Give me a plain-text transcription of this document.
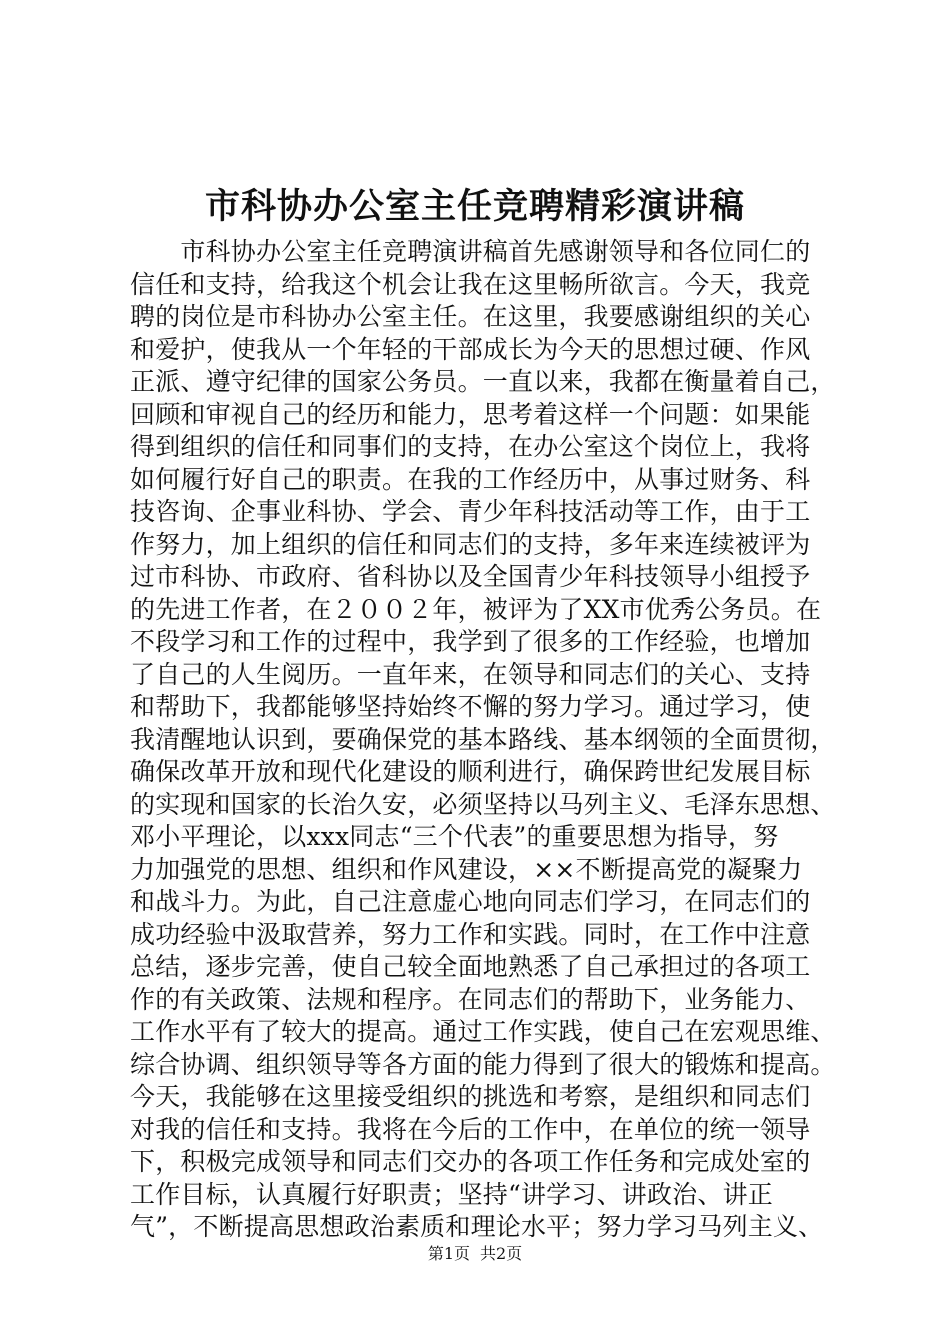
市科协办公室主任竞聘精彩演讲稿
　　市科协办公室主任竞聘演讲稿首先感谢领导和各位同仁的
信任和支持，给我这个机会让我在这里畅所欲言。今天，我竞
聘的岗位是市科协办公室主任。在这里，我要感谢组织的关心
和爱护，使我从一个年轻的干部成长为今天的思想过硬、作风
正派、遵守纪律的国家公务员。一直以来，我都在衡量着自己，
回顾和审视自己的经历和能力，思考着这样一个问题：如果能
得到组织的信任和同事们的支持，在办公室这个岗位上，我将
如何履行好自己的职责。在我的工作经历中，从事过财务、科
技咨询、企事业科协、学会、青少年科技活动等工作，由于工
作努力，加上组织的信任和同志们的支持，多年来连续被评为
过市科协、市政府、省科协以及全国青少年科技领导小组授予
的先进工作者，在２００２年，被评为了XX市优秀公务员。在
不段学习和工作的过程中，我学到了很多的工作经验，也增加
了自己的人生阅历。一直年来，在领导和同志们的关心、支持
和帮助下，我都能够坚持始终不懈的努力学习。通过学习，使
我清醒地认识到，要确保党的基本路线、基本纲领的全面贯彻，
确保改革开放和现代化建设的顺利进行，确保跨世纪发展目标
的实现和国家的长治久安，必须坚持以马列主义、毛泽东思想、
邓小平理论，以xxx同志“三个代表”的重要思想为指导，努
力加强党的思想、组织和作风建设，××不断提高党的凝聚力
和战斗力。为此，自己注意虚心地向同志们学习，在同志们的
成功经验中汲取营养，努力工作和实践。同时，在工作中注意
总结，逐步完善，使自己较全面地熟悉了自己承担过的各项工
作的有关政策、法规和程序。在同志们的帮助下，业务能力、
工作水平有了较大的提高。通过工作实践，使自己在宏观思维、
综合协调、组织领导等各方面的能力得到了很大的锻炼和提高。
今天，我能够在这里接受组织的挑选和考察，是组织和同志们
对我的信任和支持。我将在今后的工作中，在单位的统一领导
下，积极完成领导和同志们交办的各项工作任务和完成处室的
工作目标，认真履行好职责；坚持“讲学习、讲政治、讲正
气”，不断提高思想政治素质和理论水平；努力学习马列主义、
第1页 共2页
